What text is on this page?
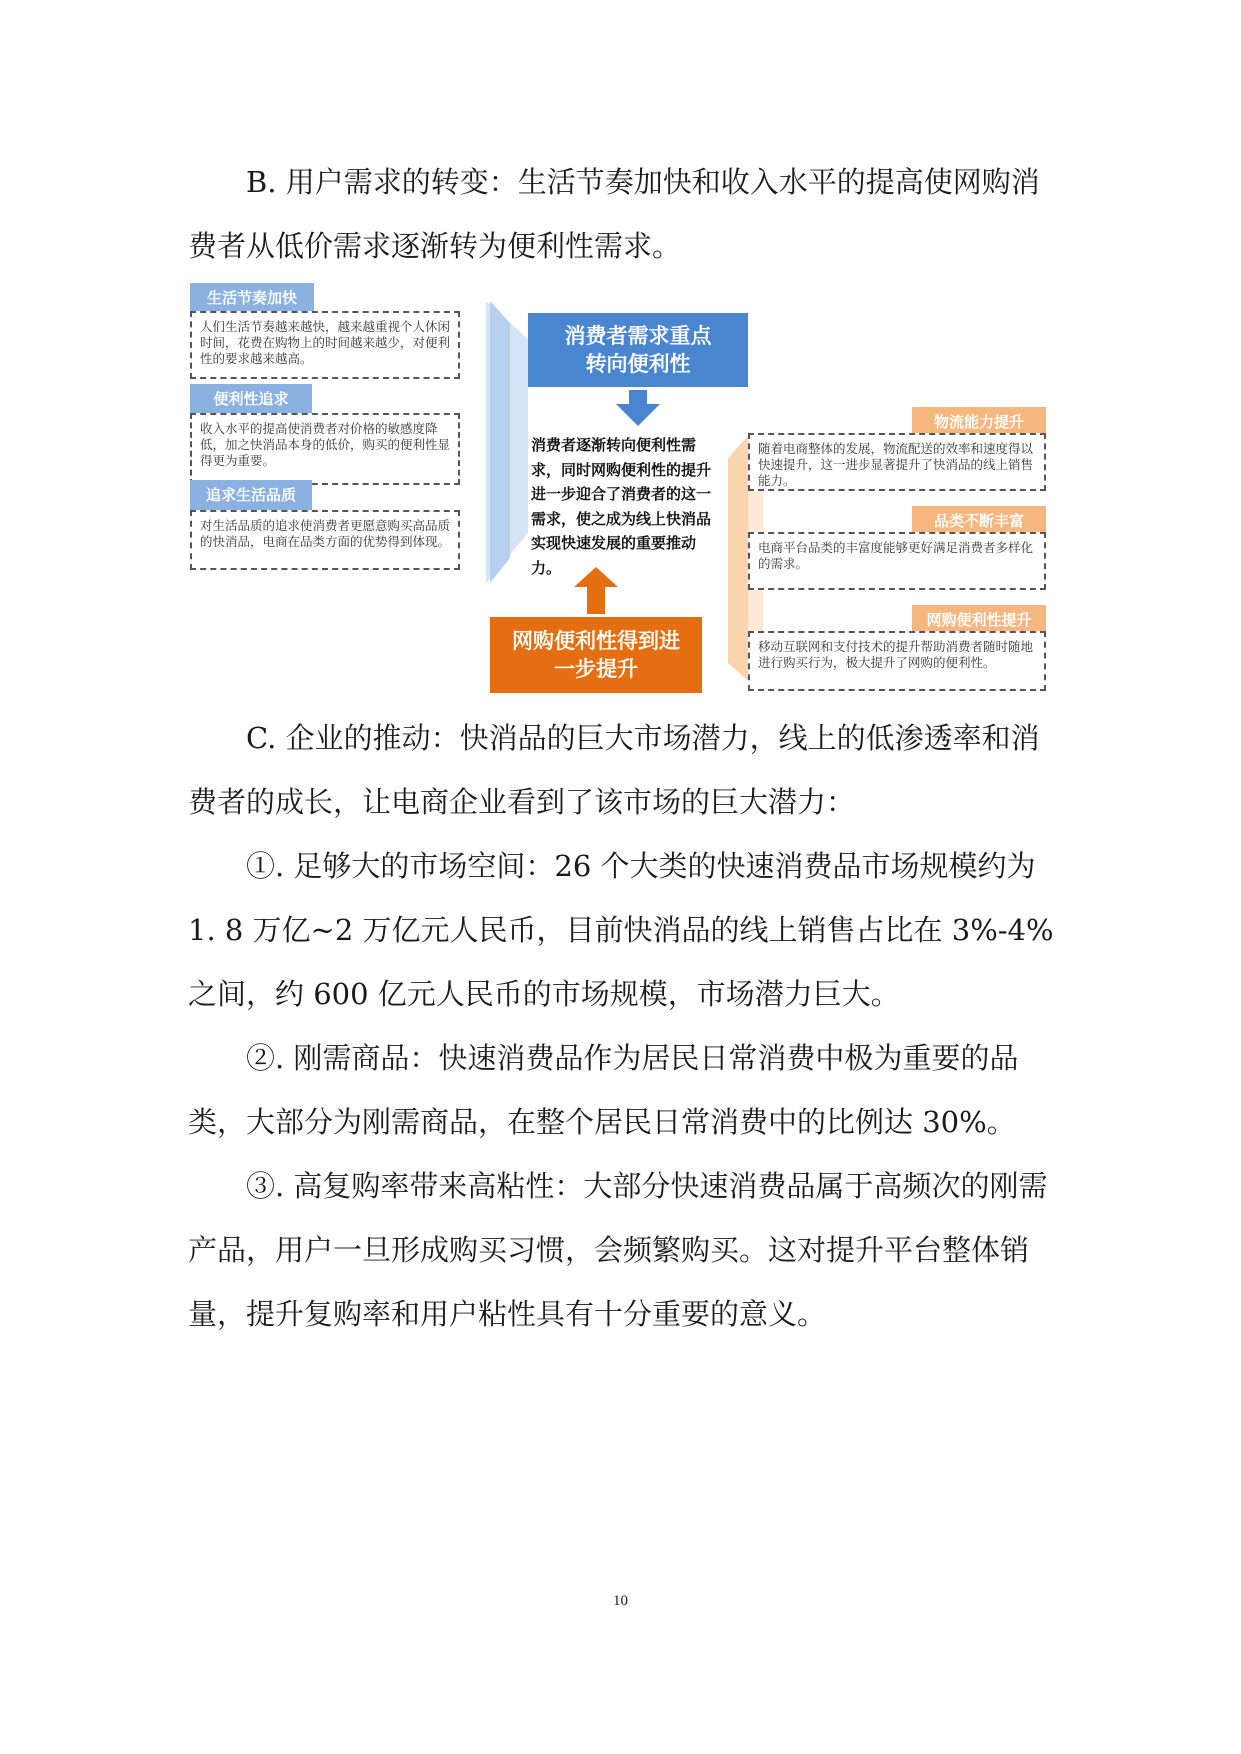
B. 用户需求的转变：生活节奏加快和收入水平的提高使网购消费者从低价需求逐渐转为便利性需求。

生活节奏加快
人们生活节奏越来越快，越来越重视个人休闲时间，花费在购物上的时间越来越少，对便利性的要求越来越高。
便利性追求
收入水平的提高使消费者对价格的敏感度降低，加之快消品本身的低价，购买的便利性显得更为重要。
追求生活品质
对生活品质的追求使消费者更愿意购买高品质的快消品，电商在品类方面的优势得到体现。
消费者需求重点转向便利性
消费者逐渐转向便利性需求，同时网购便利性的提升进一步迎合了消费者的这一需求，使之成为线上快消品实现快速发展的重要推动力。
网购便利性得到进一步提升
物流能力提升
随着电商整体的发展，物流配送的效率和速度得以快速提升，这一进步显著提升了快消品的线上销售能力。
品类不断丰富
电商平台品类的丰富度能够更好满足消费者多样化的需求。
网购便利性提升
移动互联网和支付技术的提升帮助消费者随时随地进行购买行为，极大提升了网购的便利性。

C. 企业的推动：快消品的巨大市场潜力，线上的低渗透率和消费者的成长，让电商企业看到了该市场的巨大潜力：

①. 足够大的市场空间：26 个大类的快速消费品市场规模约为1. 8 万亿~2 万亿元人民币，目前快消品的线上销售占比在 3%-4%之间，约 600 亿元人民币的市场规模，市场潜力巨大。

②. 刚需商品：快速消费品作为居民日常消费中极为重要的品类，大部分为刚需商品，在整个居民日常消费中的比例达 30%。

③. 高复购率带来高粘性：大部分快速消费品属于高频次的刚需产品，用户一旦形成购买习惯，会频繁购买。这对提升平台整体销量，提升复购率和用户粘性具有十分重要的意义。

10
